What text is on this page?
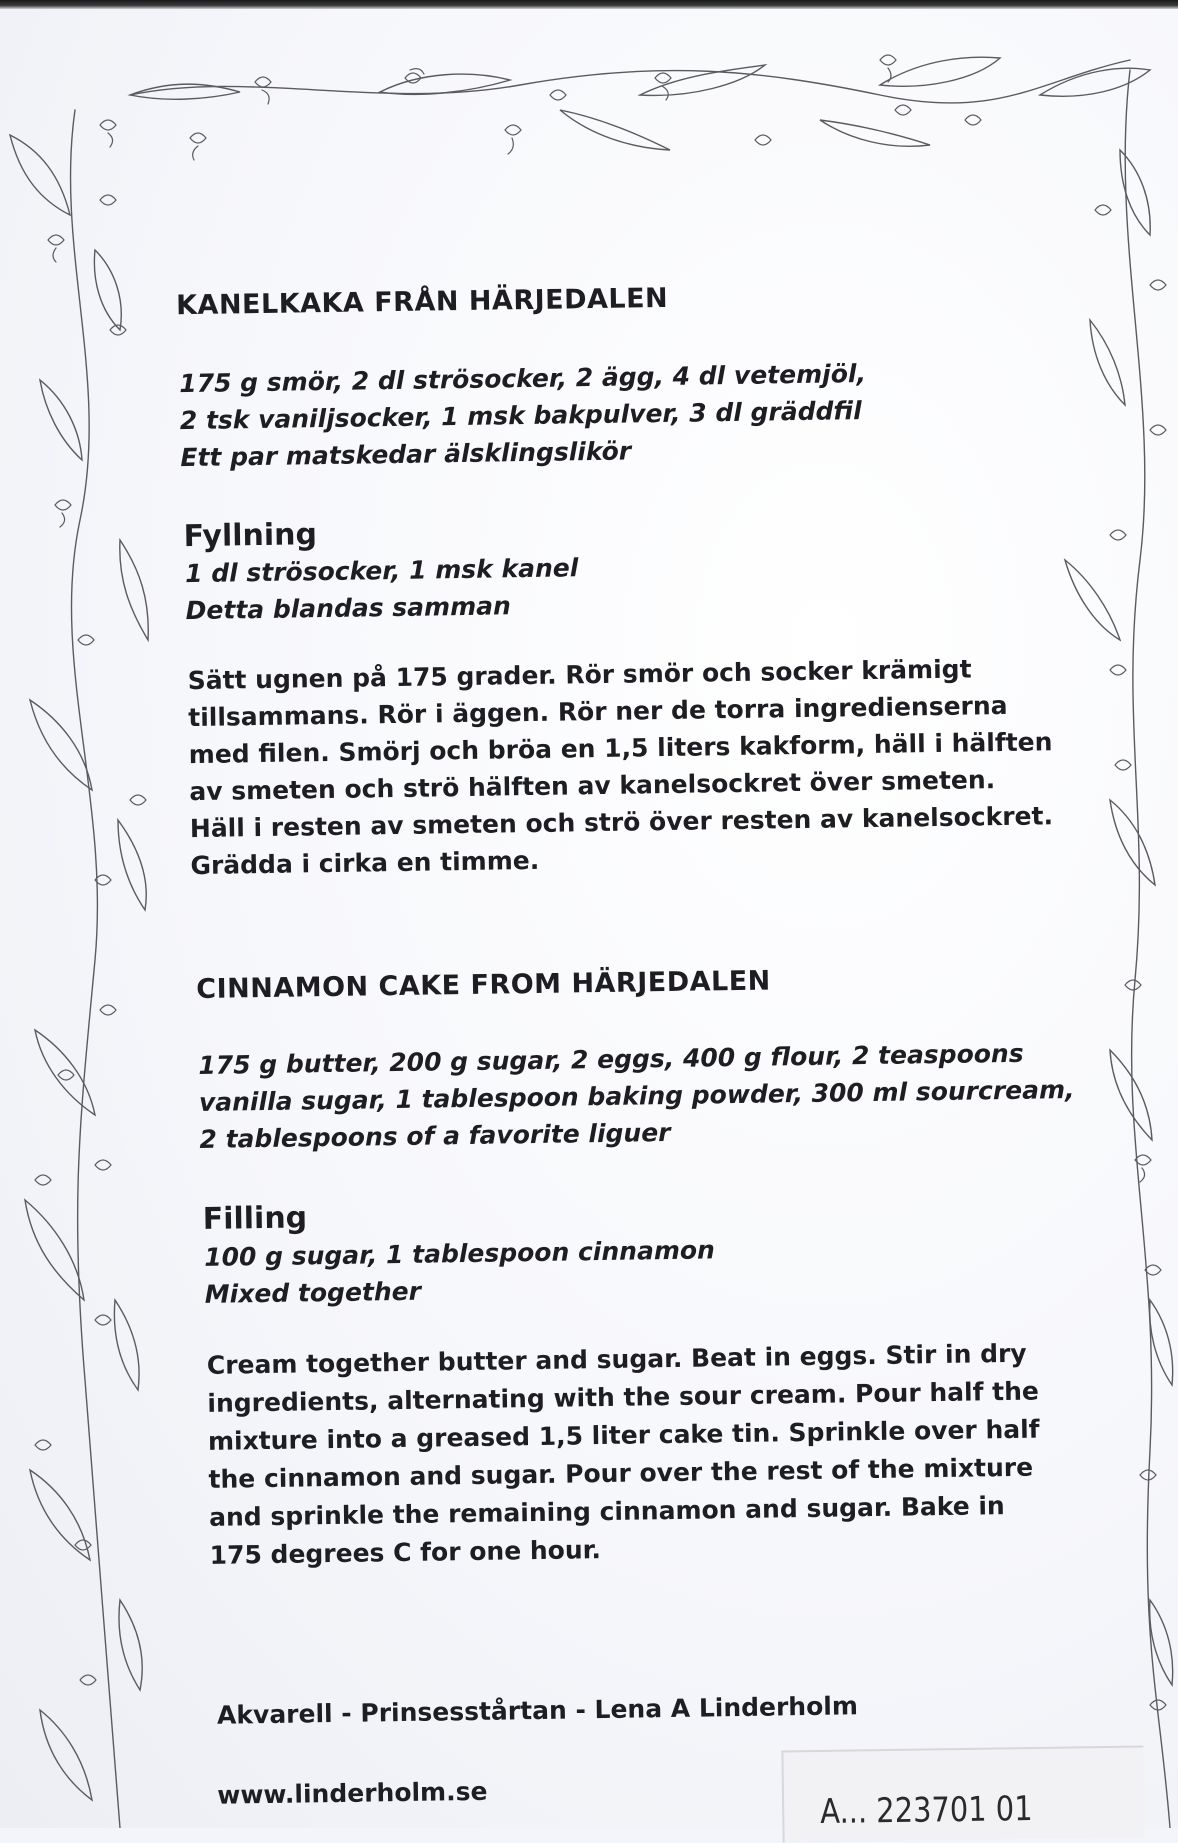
KANELKAKA FRÅN HÄRJEDALEN

175 g smör, 2 dl strösocker, 2 ägg, 4 dl vetemjöl,

2 tsk vaniljsocker, 1 msk bakpulver, 3 dl gräddfil

Ett par matskedar älsklingslikör

Fyllning

1 dl strösocker, 1 msk kanel

Detta blandas samman

Sätt ugnen på 175 grader. Rör smör och socker krämigt

tillsammans. Rör i äggen. Rör ner de torra ingredienserna

med filen. Smörj och bröa en 1,5 liters kakform, häll i hälften

av smeten och strö hälften av kanelsockret över smeten.

Häll i resten av smeten och strö över resten av kanelsockret.

Grädda i cirka en timme.

CINNAMON CAKE FROM HÄRJEDALEN

175 g butter, 200 g sugar, 2 eggs, 400 g flour, 2 teaspoons

vanilla sugar, 1 tablespoon baking powder, 300 ml sourcream,

2 tablespoons of a favorite liguer

Filling

100 g sugar, 1 tablespoon cinnamon

Mixed together

Cream together butter and sugar. Beat in eggs. Stir in dry

ingredients, alternating with the sour cream. Pour half the

mixture into a greased 1,5 liter cake tin. Sprinkle over half

the cinnamon and sugar. Pour over the rest of the mixture

and sprinkle the remaining cinnamon and sugar. Bake in

175 degrees C for one hour.

Akvarell - Prinsesstårtan - Lena A Linderholm

www.linderholm.se	A... 223701 01
